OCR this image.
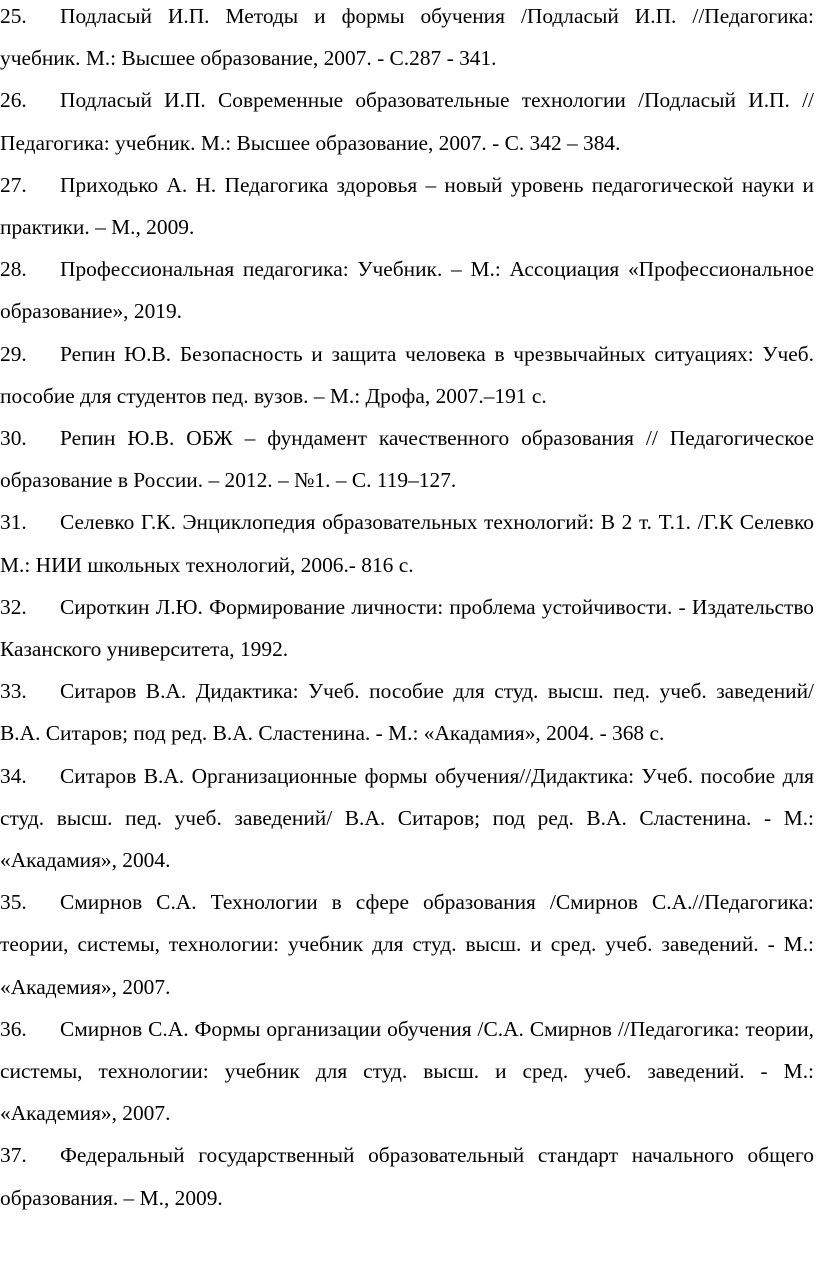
25. Подласый И.П. Методы и формы обучения /Подласый И.П. //Педагогика: учебник. М.: Высшее образование, 2007. - С.287 - 341.

26. Подласый И.П. Современные образовательные технологии /Подласый И.П. //Педагогика: учебник. М.: Высшее образование, 2007. - С. 342 – 384.

27. Приходько А. Н. Педагогика здоровья – новый уровень педагогической науки и практики. – М., 2009.

28. Профессиональная педагогика: Учебник. – М.: Ассоциация «Профессиональное образование», 2019.

29. Репин Ю.В. Безопасность и защита человека в чрезвычайных ситуациях: Учеб. пособие для студентов пед. вузов. – М.: Дрофа, 2007.–191 с.

30. Репин Ю.В. ОБЖ – фундамент качественного образования // Педагогическое образование в России. – 2012. – №1. – С. 119–127.

31. Селевко Г.К. Энциклопедия образовательных технологий: В 2 т. Т.1. /Г.К Селевко М.: НИИ школьных технологий, 2006.- 816 с.

32. Сироткин Л.Ю. Формирование личности: проблема устойчивости. - Издательство Казанского университета, 1992.

33. Ситаров В.А. Дидактика: Учеб. пособие для студ. высш. пед. учеб. заведений/ В.А. Ситаров; под ред. В.А. Сластенина. - М.: «Акадамия», 2004. - 368 с.

34. Ситаров В.А. Организационные формы обучения//Дидактика: Учеб. пособие для студ. высш. пед. учеб. заведений/ В.А. Ситаров; под ред. В.А. Сластенина. - М.: «Акадамия», 2004.

35. Смирнов С.А. Технологии в сфере образования /Смирнов С.А.//Педагогика: теории, системы, технологии: учебник для студ. высш. и сред. учеб. заведений. - М.: «Академия», 2007.

36. Смирнов С.А. Формы организации обучения /С.А. Смирнов //Педагогика: теории, системы, технологии: учебник для студ. высш. и сред. учеб. заведений. - М.: «Академия», 2007.

37. Федеральный государственный образовательный стандарт начального общего образования. – М., 2009.
